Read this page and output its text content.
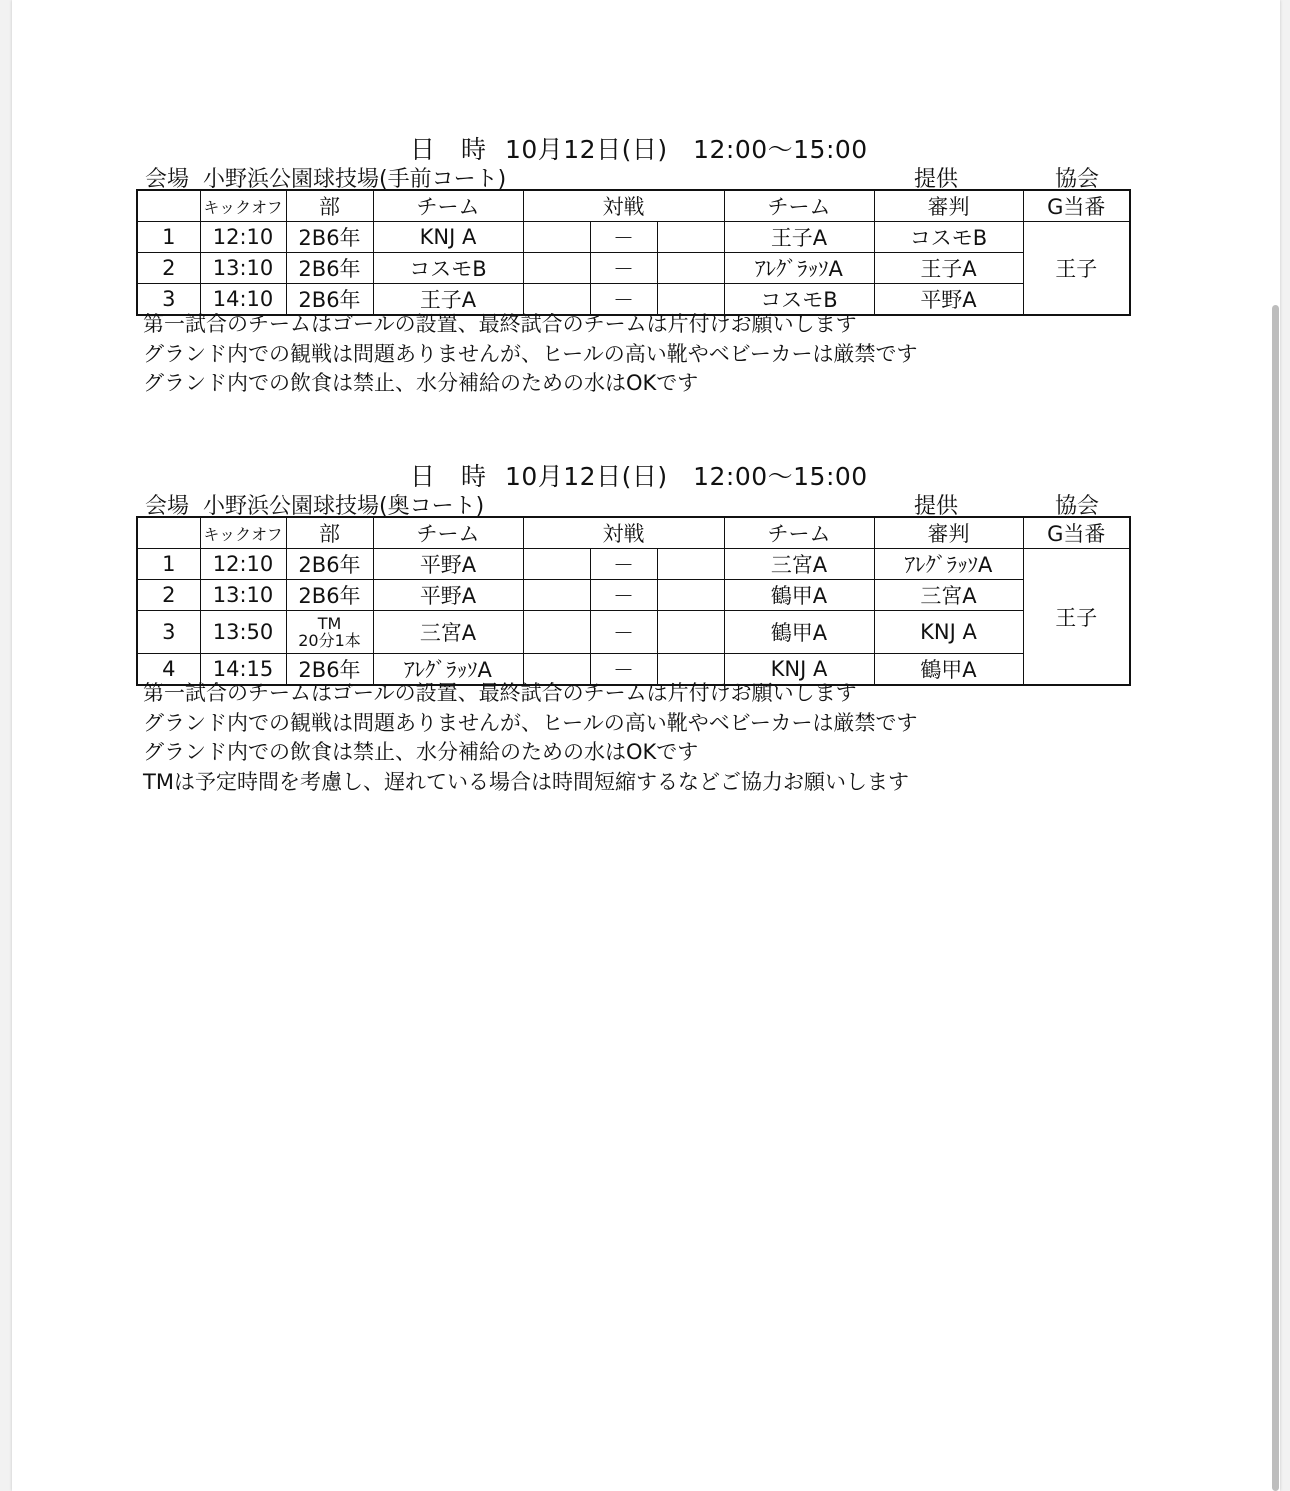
日 時 10月12日(日)　12:00～15:00
会場 小野浜公園球技場(手前コート)	提供	協会
	キックオフ	部	チーム	対戦			チーム	審判	G当番
1	12:10	2B6年	KNJ A		－		王子A	コスモB	王子
2	13:10	2B6年	コスモB		－		ｱﾚｸﾞﾗｯｿA	王子A	
3	14:10	2B6年	王子A		－		コスモB	平野A	
第一試合のチームはゴールの設置、最終試合のチームは片付けお願いします
グランド内での観戦は問題ありませんが、ヒールの高い靴やベビーカーは厳禁です
グランド内での飲食は禁止、水分補給のための水はOKです
日 時 10月12日(日)　12:00～15:00
会場 小野浜公園球技場(奥コート)	提供	協会
	キックオフ	部	チーム	対戦			チーム	審判	G当番
1	12:10	2B6年	平野A		－		三宮A	ｱﾚｸﾞﾗｯｿA	王子
2	13:10	2B6年	平野A		－		鶴甲A	三宮A	
3	13:50	TM
20分1本	三宮A		－		鶴甲A	KNJ A	
4	14:15	2B6年	ｱﾚｸﾞﾗｯｿA		－		KNJ A	鶴甲A	
第一試合のチームはゴールの設置、最終試合のチームは片付けお願いします
グランド内での観戦は問題ありませんが、ヒールの高い靴やベビーカーは厳禁です
グランド内での飲食は禁止、水分補給のための水はOKです
TMは予定時間を考慮し、遅れている場合は時間短縮するなどご協力お願いします
